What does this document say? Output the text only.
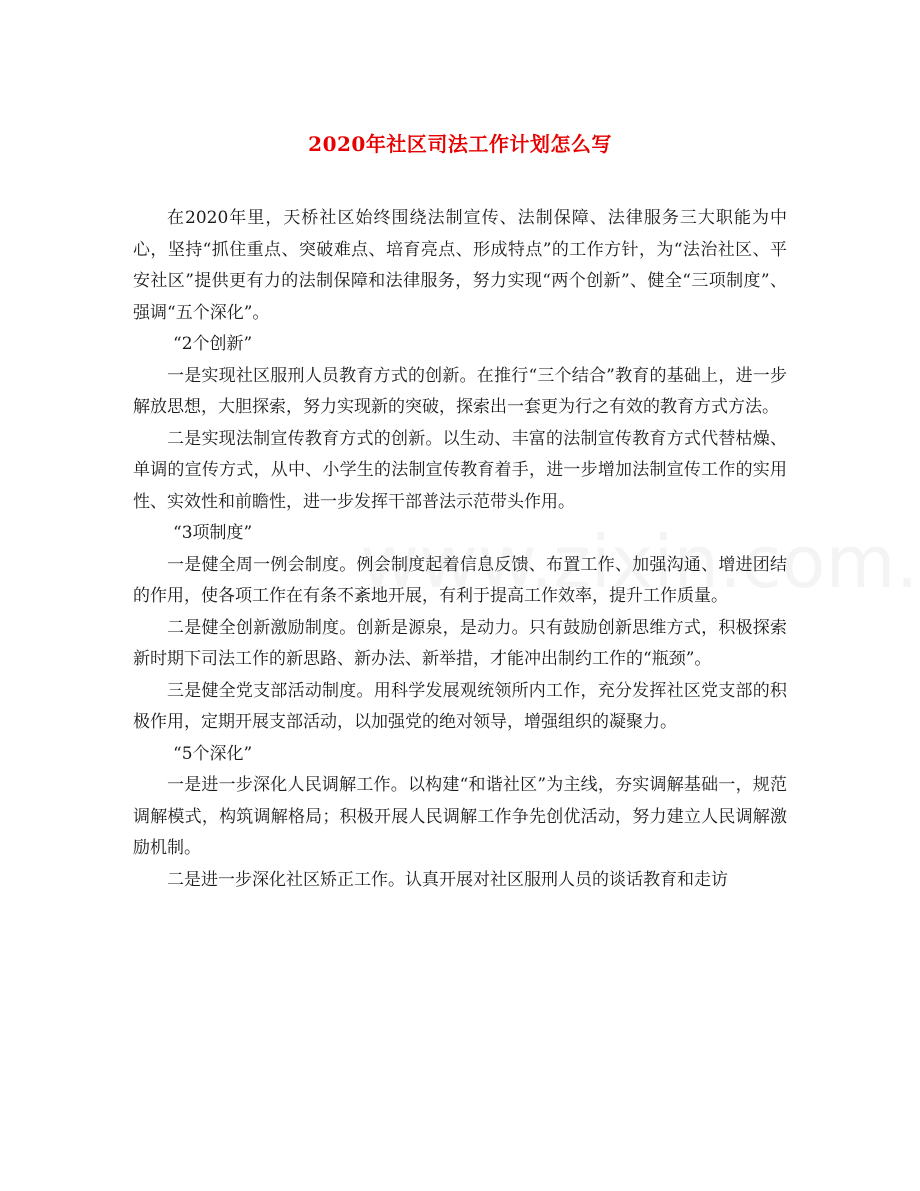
2020年社区司法工作计划怎么写

在2020年里，天桥社区始终围绕法制宣传、法制保障、法律服务三大职能为中心，坚持“抓住重点、突破难点、培育亮点、形成特点”的工作方针，为“法治社区、平安社区”提供更有力的法制保障和法律服务，努力实现“两个创新”、健全“三项制度”、强调“五个深化”。

“2个创新”

一是实现社区服刑人员教育方式的创新。在推行“三个结合”教育的基础上，进一步解放思想，大胆探索，努力实现新的突破，探索出一套更为行之有效的教育方式方法。

二是实现法制宣传教育方式的创新。以生动、丰富的法制宣传教育方式代替枯燥、单调的宣传方式，从中、小学生的法制宣传教育着手，进一步增加法制宣传工作的实用性、实效性和前瞻性，进一步发挥干部普法示范带头作用。

“3项制度”

一是健全周一例会制度。例会制度起着信息反馈、布置工作、加强沟通、增进团结的作用，使各项工作在有条不紊地开展，有利于提高工作效率，提升工作质量。

二是健全创新激励制度。创新是源泉，是动力。只有鼓励创新思维方式，积极探索新时期下司法工作的新思路、新办法、新举措，才能冲出制约工作的“瓶颈”。

三是健全党支部活动制度。用科学发展观统领所内工作，充分发挥社区党支部的积极作用，定期开展支部活动，以加强党的绝对领导，增强组织的凝聚力。

“5个深化”

一是进一步深化人民调解工作。以构建“和谐社区”为主线，夯实调解基础一，规范调解模式，构筑调解格局；积极开展人民调解工作争先创优活动，努力建立人民调解激励机制。

二是进一步深化社区矫正工作。认真开展对社区服刑人员的谈话教育和走访
